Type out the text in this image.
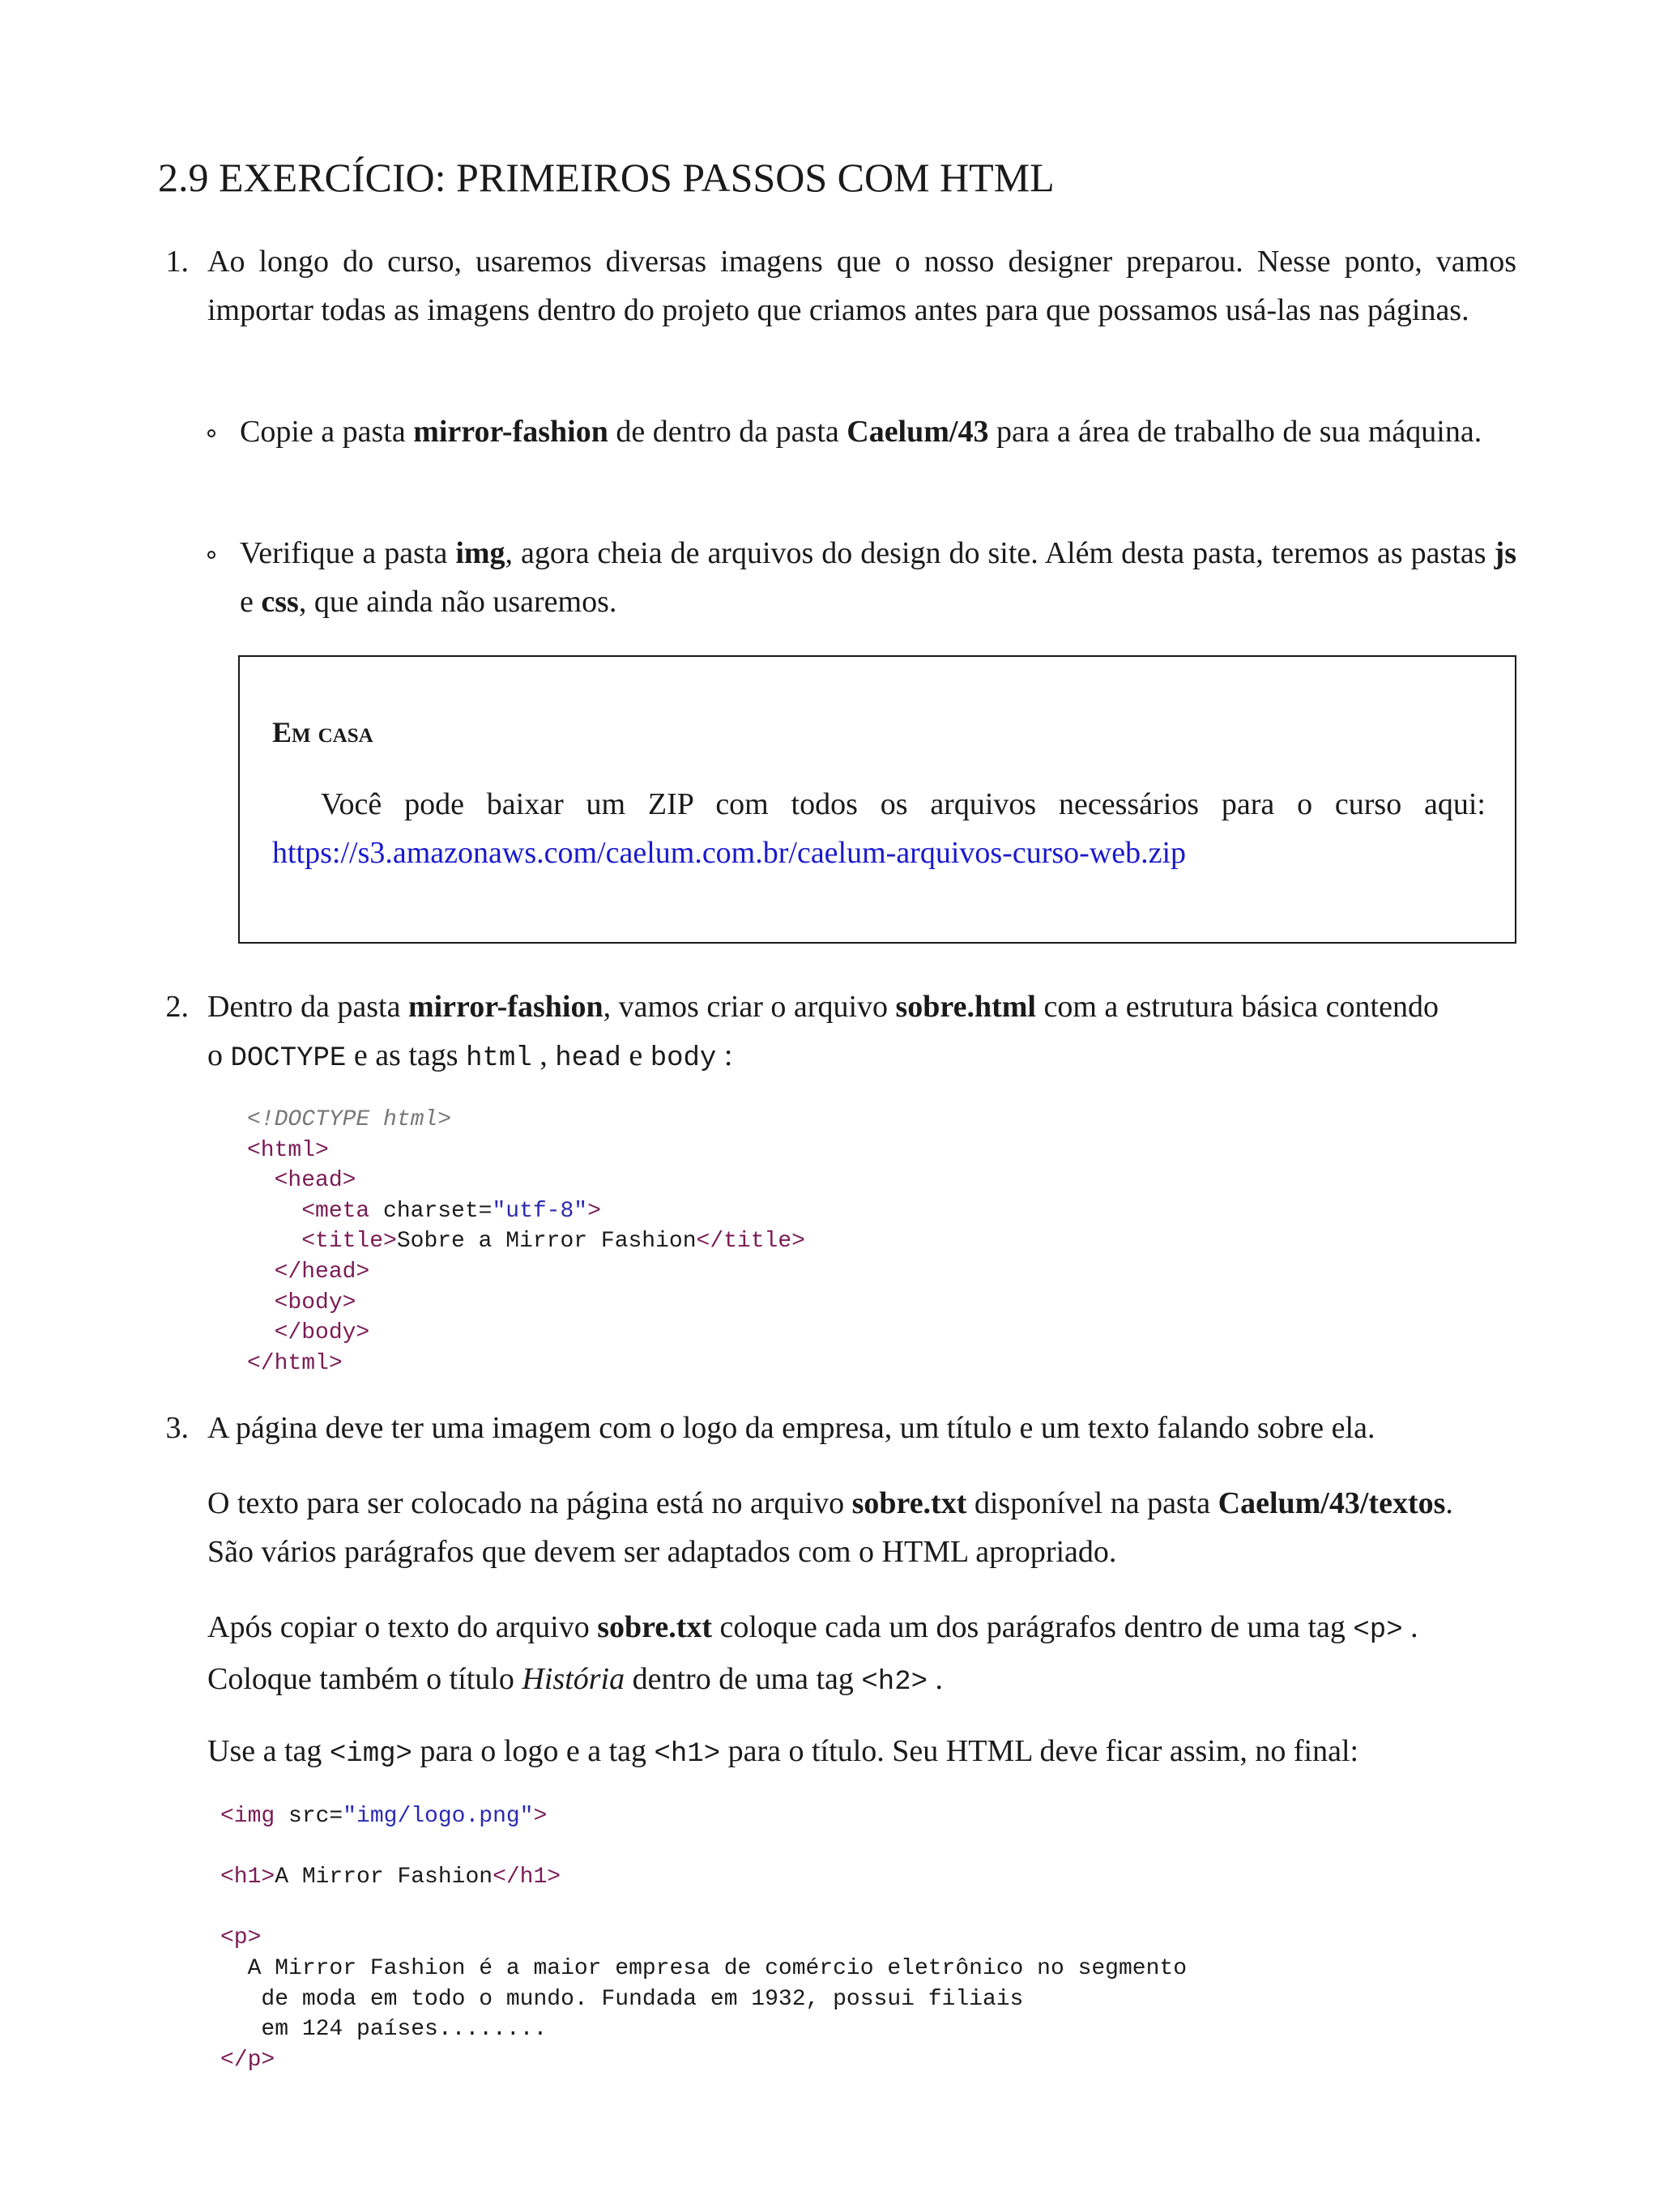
2.9 EXERCÍCIO: PRIMEIROS PASSOS COM HTML
1. Ao longo do curso, usaremos diversas imagens que o nosso designer preparou. Nesse ponto, vamos importar todas as imagens dentro do projeto que criamos antes para que possamos usá-las nas páginas.
Copie a pasta mirror-fashion de dentro da pasta Caelum/43 para a área de trabalho de sua máquina.
Verifique a pasta img, agora cheia de arquivos do design do site. Além desta pasta, teremos as pastas js e css, que ainda não usaremos.
Em casa
Você pode baixar um ZIP com todos os arquivos necessários para o curso aqui: https://s3.amazonaws.com/caelum.com.br/caelum-arquivos-curso-web.zip
2. Dentro da pasta mirror-fashion, vamos criar o arquivo sobre.html com a estrutura básica contendo
o DOCTYPE e as tags html , head e body :
<!DOCTYPE html>
<html>
<head>
<meta charset="utf-8">
<title>Sobre a Mirror Fashion</title>
</head>
<body>
</body>
</html>
3. A página deve ter uma imagem com o logo da empresa, um título e um texto falando sobre ela.
O texto para ser colocado na página está no arquivo sobre.txt disponível na pasta Caelum/43/textos.
São vários parágrafos que devem ser adaptados com o HTML apropriado.
Após copiar o texto do arquivo sobre.txt coloque cada um dos parágrafos dentro de uma tag <p> .
Coloque também o título História dentro de uma tag <h2> .
Use a tag <img> para o logo e a tag <h1> para o título. Seu HTML deve ficar assim, no final:
<img src="img/logo.png">

<h1>A Mirror Fashion</h1>

<p>
A Mirror Fashion é a maior empresa de comércio eletrônico no segmento
de moda em todo o mundo. Fundada em 1932, possui filiais
em 124 países........
</p>
